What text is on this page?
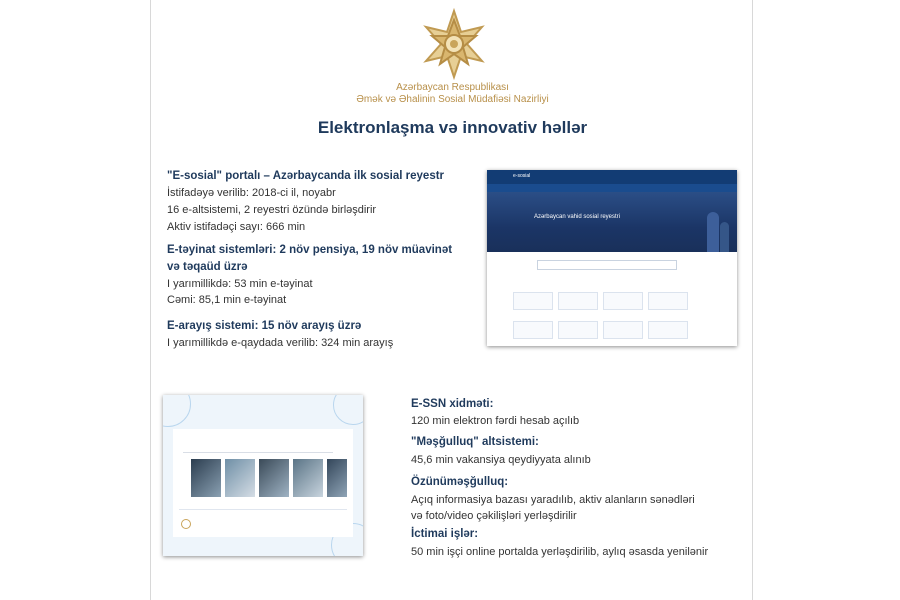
Azərbaycan Respublikası
Əmək və Əhalinin Sosial Müdafiəsi Nazirliyi
Elektronlaşma və innovativ həllər
"E-sosial" portalı – Azərbaycanda ilk sosial reyestr
İstifadəyə verilib: 2018-ci il, noyabr
16 e-altsistemi, 2 reyestri özündə birləşdirir
Aktiv istifadəçi sayı: 666 min
E-təyinat sistemləri: 2 növ pensiya, 19 növ müavinət
və təqaüd üzrə
I yarımillikdə: 53 min e-təyinat
Cəmi: 85,1 min e-təyinat
E-arayış sistemi: 15 növ arayış üzrə
I yarımillikdə e-qaydada verilib: 324 min arayış
e-sosial
Azərbaycan vahid sosial reyestri
E-SSN xidməti:
120 min elektron fərdi hesab açılıb
"Məşğulluq" altsistemi:
45,6 min vakansiya qeydiyyata alınıb
Özünüməşğulluq:
Açıq informasiya bazası yaradılıb, aktiv alanların sənədləri
və foto/video çəkilişləri yerləşdirilir
İctimai işlər:
50 min işçi online portalda yerləşdirilib, aylıq əsasda yenilənir
